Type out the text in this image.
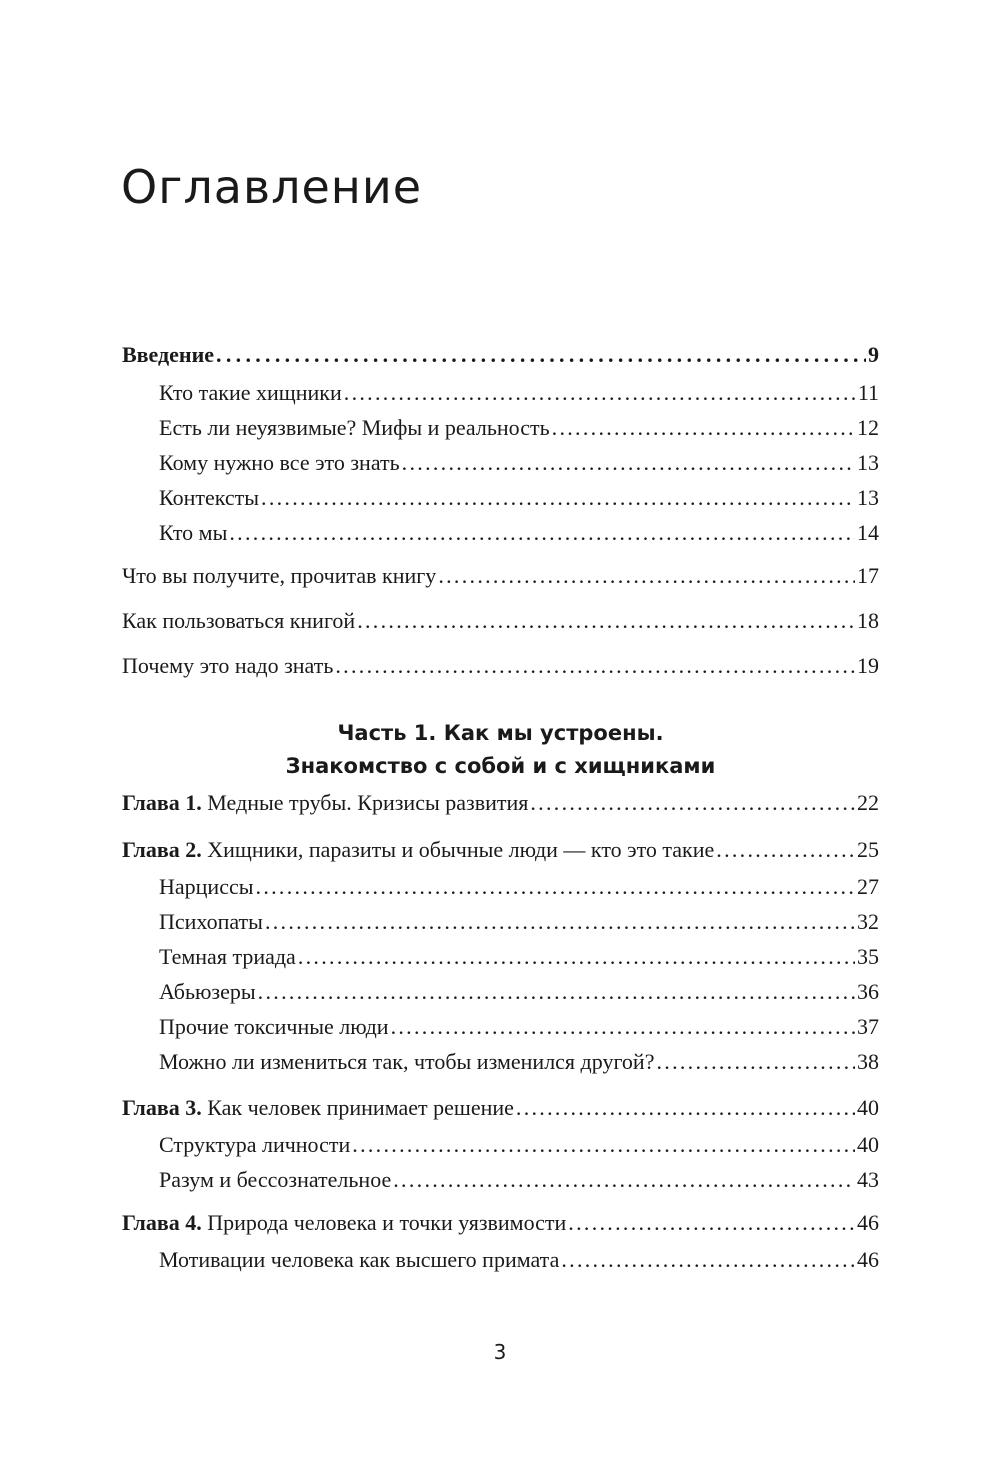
Оглавление
Введение . . .	9
Кто такие хищники . . .	11
Есть ли неуязвимые? Мифы и реальность . . .	12
Кому нужно все это знать . . .	13
Контексты . . .	13
Кто мы . . .	14
Что вы получите, прочитав книгу . . .	17
Как пользоваться книгой . . .	18
Почему это надо знать . . .	19
Часть 1. Как мы устроены.
Знакомство с собой и с хищниками
Глава 1. Медные трубы. Кризисы развития . . .	22
Глава 2. Хищники, паразиты и обычные люди — кто это такие . . .	25
Нарциссы . . .	27
Психопаты . . .	32
Темная триада . . .	35
Абьюзеры . . .	36
Прочие токсичные люди . . .	37
Можно ли измениться так, чтобы изменился другой? . . .	38
Глава 3. Как человек принимает решение . . .	40
Структура личности . . .	40
Разум и бессознательное . . .	43
Глава 4. Природа человека и точки уязвимости . . .	46
Мотивации человека как высшего примата . . .	46
3
